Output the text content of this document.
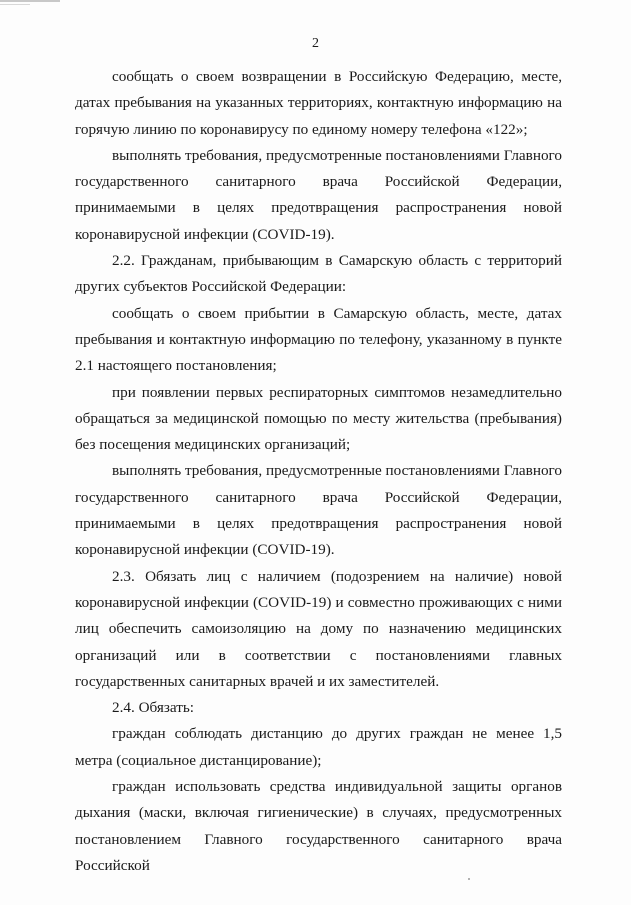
2

сообщать о своем возвращении в Российскую Федерацию, месте, датах пребывания на указанных территориях, контактную информацию на горячую линию по коронавирусу по единому номеру телефона «122»;

выполнять требования, предусмотренные постановлениями Главного государственного санитарного врача Российской Федерации, принимаемыми в целях предотвращения распространения новой коронавирусной инфекции (COVID-19).

2.2. Гражданам, прибывающим в Самарскую область с территорий других субъектов Российской Федерации:

сообщать о своем прибытии в Самарскую область, месте, датах пребывания и контактную информацию по телефону, указанному в пункте 2.1 настоящего постановления;

при появлении первых респираторных симптомов незамедлительно обращаться за медицинской помощью по месту жительства (пребывания) без посещения медицинских организаций;

выполнять требования, предусмотренные постановлениями Главного государственного санитарного врача Российской Федерации, принимаемыми в целях предотвращения распространения новой коронавирусной инфекции (COVID-19).

2.3. Обязать лиц с наличием (подозрением на наличие) новой коронавирусной инфекции (COVID-19) и совместно проживающих с ними лиц обеспечить самоизоляцию на дому по назначению медицинских организаций или в соответствии с постановлениями главных государственных санитарных врачей и их заместителей.

2.4. Обязать:

граждан соблюдать дистанцию до других граждан не менее 1,5 метра (социальное дистанцирование);

граждан использовать средства индивидуальной защиты органов дыхания (маски, включая гигиенические) в случаях, предусмотренных постановлением Главного государственного санитарного врача Российской
